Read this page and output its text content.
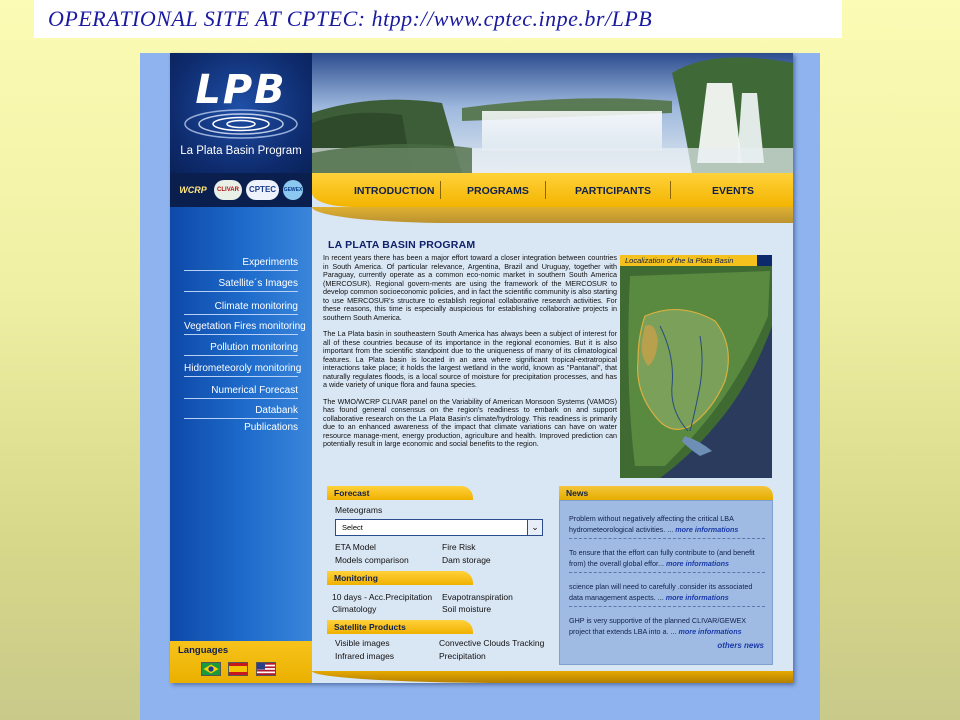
OPERATIONAL SITE AT CPTEC: htpp://www.cptec.inpe.br/LPB
LPB
La Plata Basin Program
WCRP	CLIVAR	CPTEC	GEWEX	INTRODUCTION	PROGRAMS	PARTICIPANTS	EVENTS
Experiments
Satellite´s Images
Climate monitoring
Vegetation Fires monitoring
Pollution monitoring
Hidrometeoroly monitoring
Numerical Forecast
Databank
Publications
Languages
LA PLATA BASIN PROGRAM

In recent years there has been a major effort toward a closer integration between countries in South America. Of particular relevance, Argentina, Brazil and Uruguay, together with Paraguay, currently operate as a common eco-nomic market in southern South America (MERCOSUR). Regional govern-ments are using the framework of the MERCOSUR to develop common socioeconomic policies, and in fact the scientific community is also starting to use MERCOSUR's structure to establish regional collaborative research activities. For these reasons, this time is especially auspicious for establishing collaborative projects in southern South America.

The La Plata basin in southeastern South America has always been a subject of interest for all of these countries because of its importance in the regional economies. But it is also important from the scientific standpoint due to the uniqueness of many of its climatological features. La Plata basin is located in an area where significant tropical-extratropical interactions take place; it holds the largest wetland in the world, known as "Pantanal", that naturally regulates floods, is a local source of moisture for precipitation processes, and has a wide variety of unique flora and fauna species.

The WMO/WCRP CLIVAR panel on the Variability of American Monsoon Systems (VAMOS) has found general consensus on the region's readiness to embark on and support collaborative research on the La Plata Basin's climate/hydrology. This readiness is primarily due to an enhanced awareness of the impact that climate variations can have on water resource manage-ment, energy production, agriculture and health. Improved prediction can potentially result in large economic and social benefits to the region.

Localization of the la Plata Basin
Forecast
Meteograms
Select	⌄
ETA Model	Fire Risk
Models comparison	Dam storage
Monitoring
10 days - Acc.Precipitation Evapotranspiration
Climatology	Soil moisture
Satellite Products
Visible images	Convective Clouds Tracking
Infrared images	Precipitation
News
Problem without negatively affecting the critical LBA hydrometeorological activities. ... more informations
To ensure that the effort can fully contribute to (and benefit from) the overall global effor... more informations
science plan will need to carefully .consider its associated data management aspects. ... more informations
GHP is very supportive of the planned CLIVAR/GEWEX project that extends LBA into a. ... more informations
others news
